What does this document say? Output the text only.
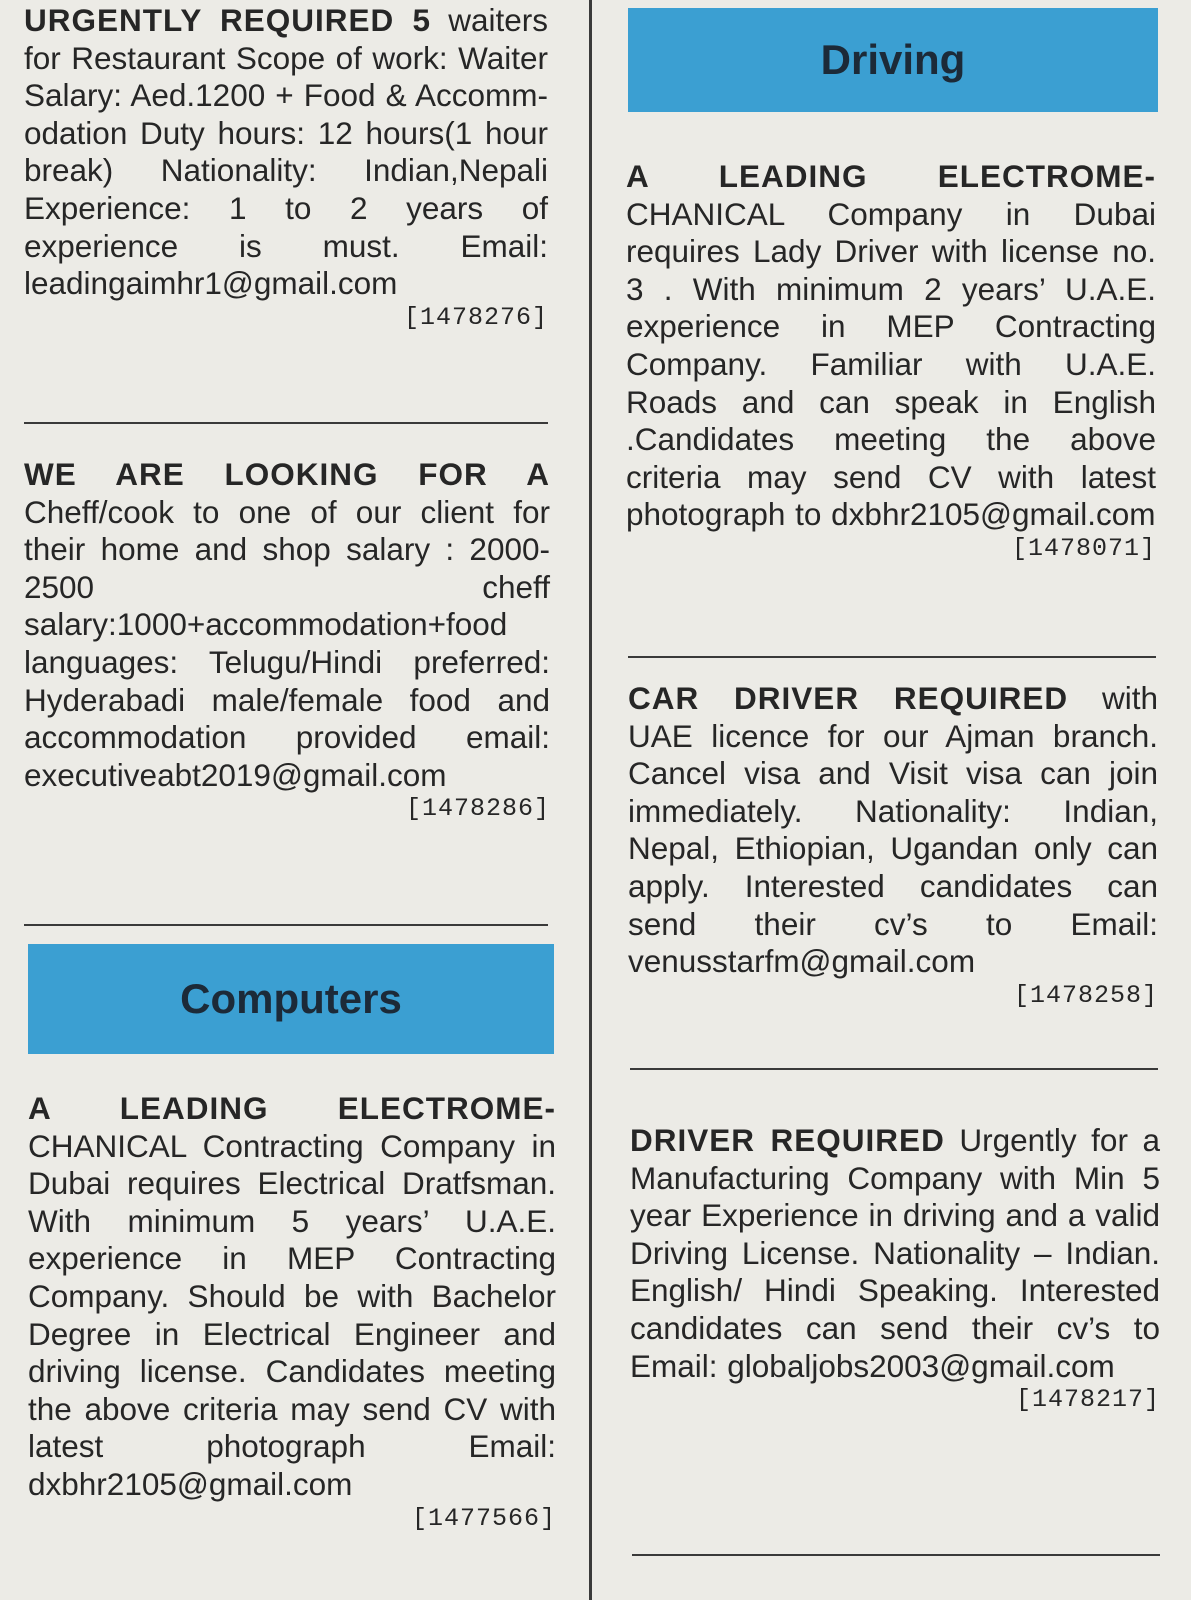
URGENTLY REQUIRED 5 waiters for Restaurant Scope of work: Waiter Salary: Aed.1200 + Food & Accommodation Duty hours: 12 hours(1 hour break) Nationality: Indian,Nepali Experience: 1 to 2 years of experience is must. Email: leadingaimhr1@gmail.com
[1478276]
WE ARE LOOKING FOR A Cheff/cook to one of our client for their home and shop salary : 2000-2500 cheff salary:1000+accommodation+food languages: Telugu/Hindi preferred: Hyderabadi male/female food and accommodation provided email: executiveabt2019@gmail.com
[1478286]
Computers
A LEADING ELECTROME- CHANICAL Contracting Company in Dubai requires Electrical Dratfsman. With minimum 5 years’ U.A.E. experience in MEP Contracting Company. Should be with Bachelor Degree in Electrical Engineer and driving license. Candidates meeting the above criteria may send CV with latest photograph Email: dxbhr2105@gmail.com
[1477566]
Driving
A LEADING ELECTROME- CHANICAL Company in Dubai requires Lady Driver with license no. 3 . With minimum 2 years’ U.A.E. experience in MEP Contracting Company. Familiar with U.A.E. Roads and can speak in English .Candidates meeting the above criteria may send CV with latest photograph to dxbhr2105@gmail.com
[1478071]
CAR DRIVER REQUIRED with UAE licence for our Ajman branch. Cancel visa and Visit visa can join immediately. Nationality: Indian, Nepal, Ethiopian, Ugandan only can apply. Interested candidates can send their cv’s to Email: venusstarfm@gmail.com
[1478258]
DRIVER REQUIRED Urgently for a Manufacturing Company with Min 5 year Experience in driving and a valid Driving License. Nationality – Indian. English/ Hindi Speaking. Interested candidates can send their cv’s to Email: globaljobs2003@gmail.com
[1478217]
